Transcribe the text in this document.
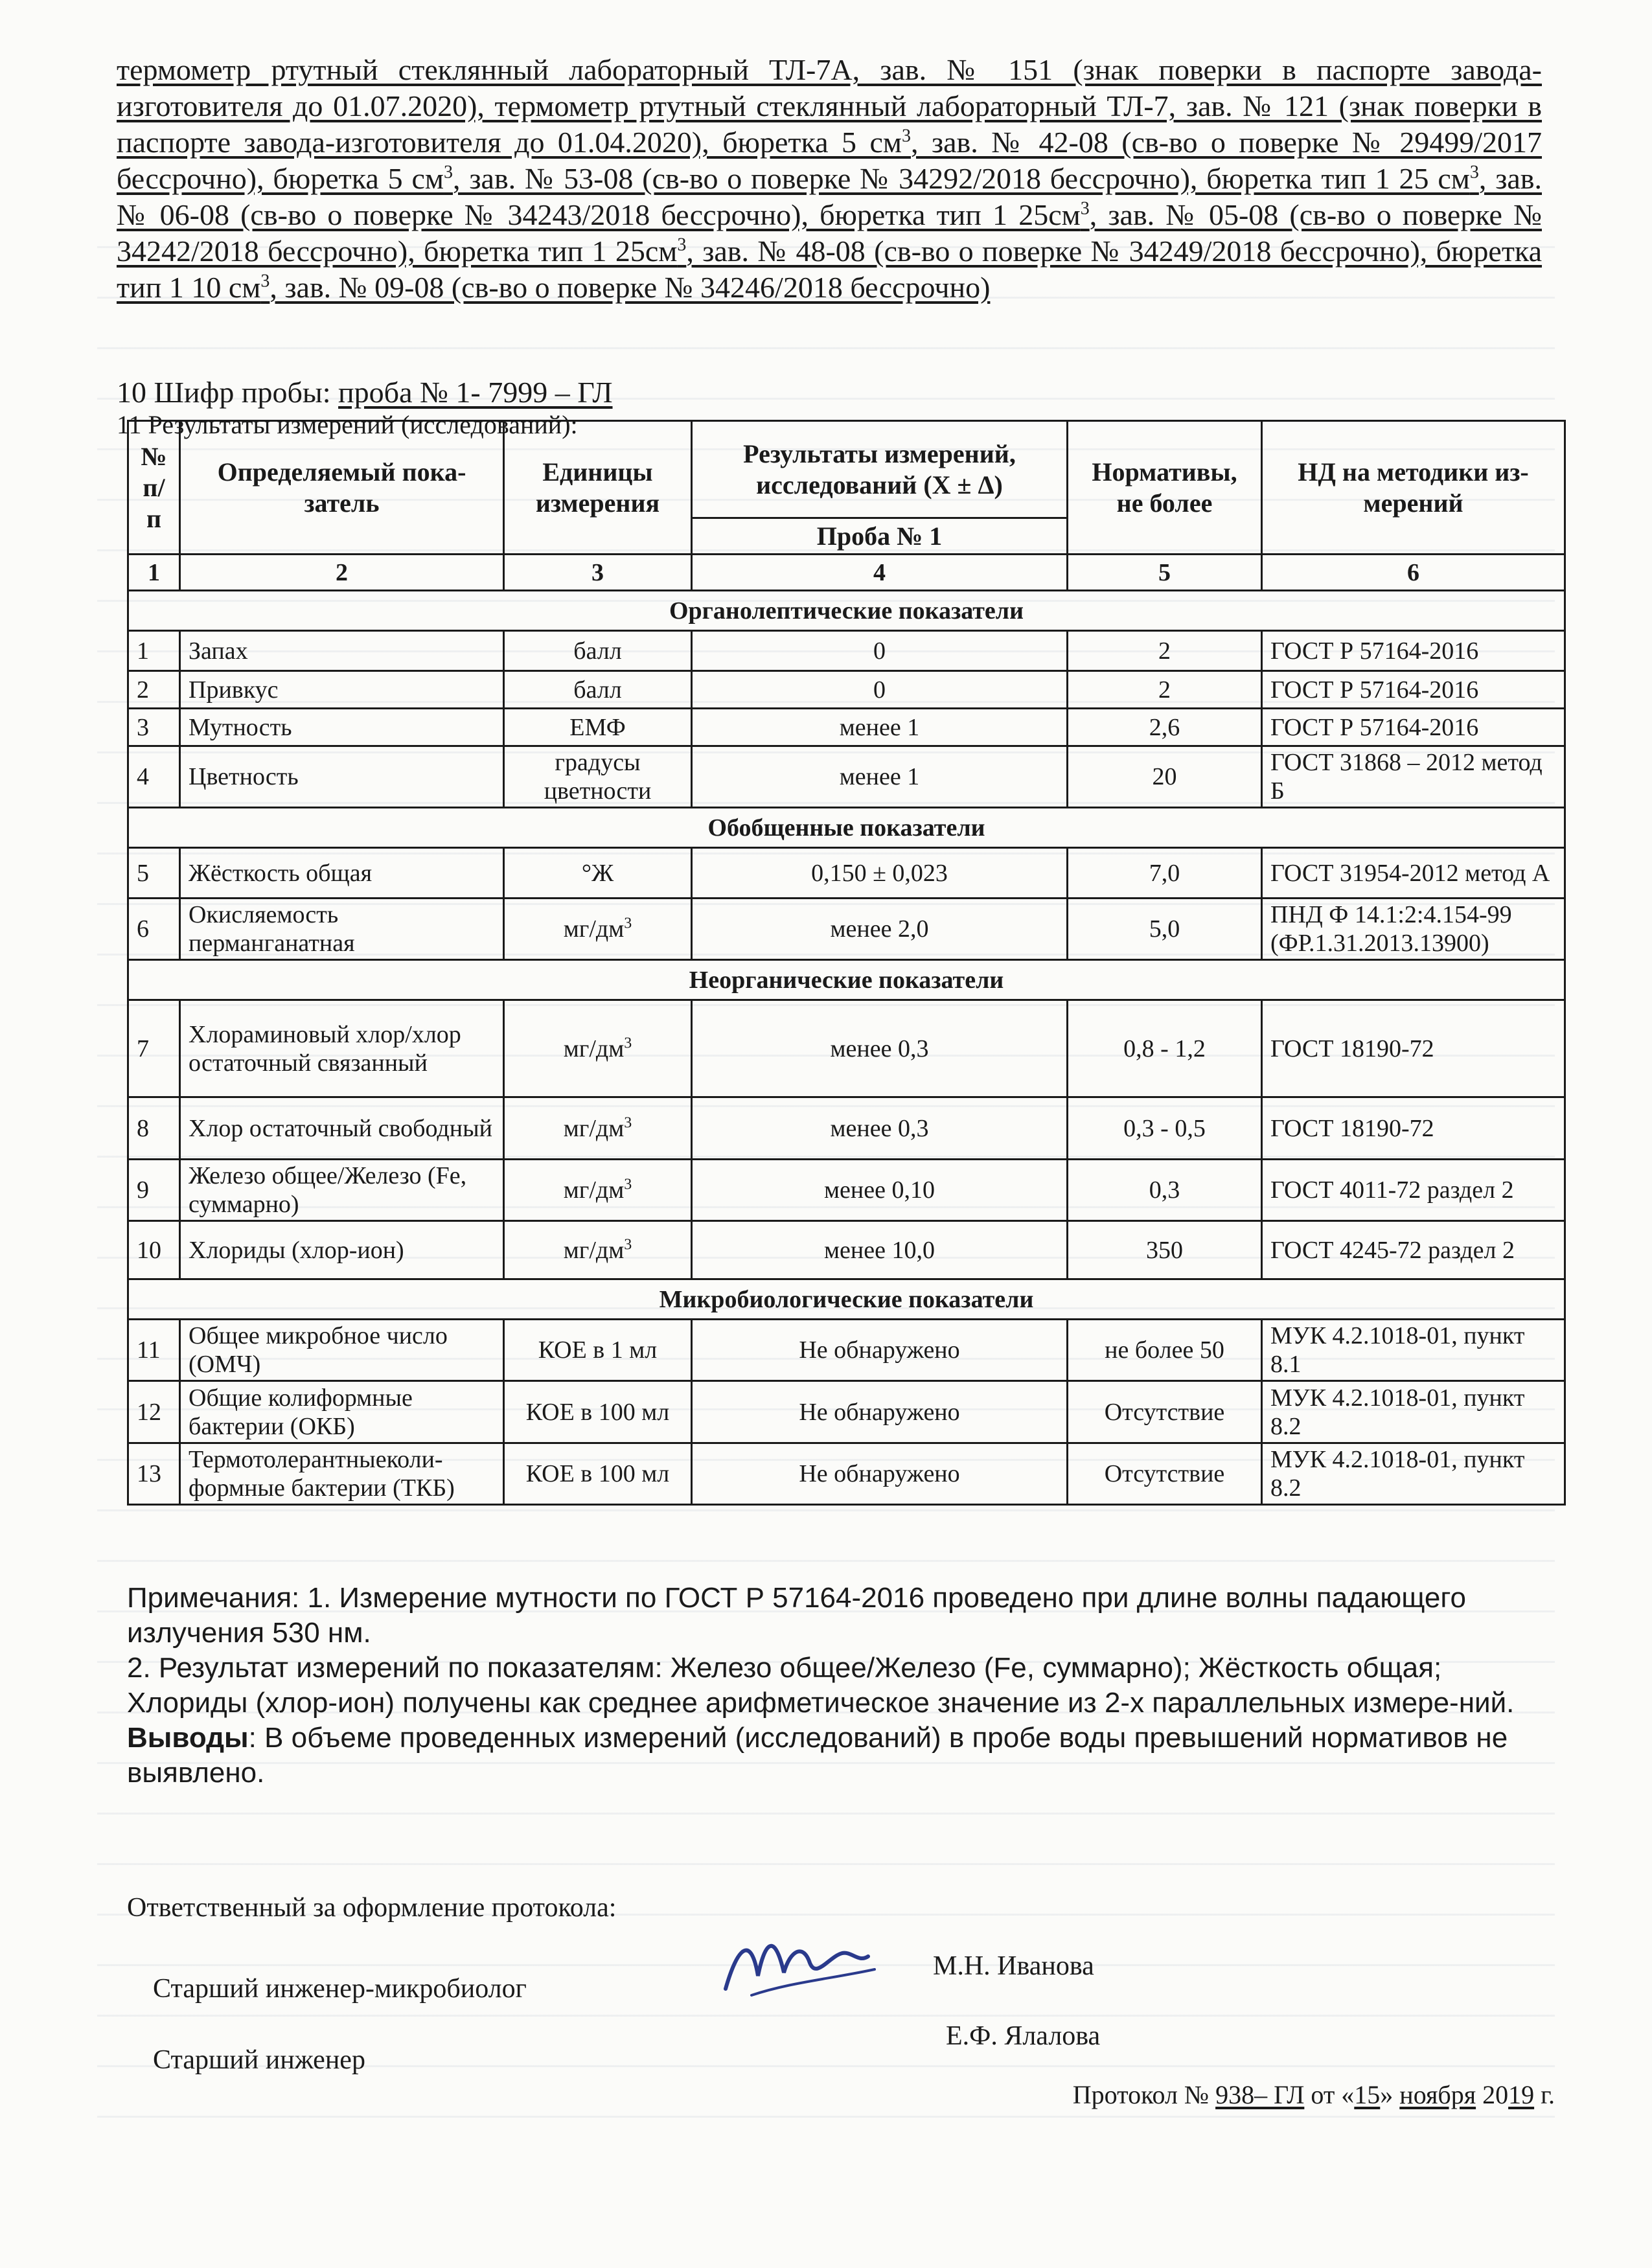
термометр ртутный стеклянный лабораторный ТЛ-7А, зав. № 151 (знак поверки в паспорте завода-изготовителя до 01.07.2020), термометр ртутный стеклянный лабораторный ТЛ-7, зав. № 121 (знак поверки в паспорте завода-изготовителя до 01.04.2020), бюретка 5 $см^3$, зав. № 42-08 (св-во о поверке № 29499/2017 бессрочно), бюретка 5 $см^3$, зав. № 53-08 (св-во о поверке № 34292/2018 бессрочно), бюретка тип 1 25 $см^3$, зав. № 06-08 (св-во о поверке № 34243/2018 бессрочно), бюретка тип 1 $25см^3$, зав. № 05-08 (св-во о поверке № 34242/2018 бессрочно), бюретка тип 1 $25см^3$, зав. № 48-08 (св-во о поверке № 34249/2018 бессрочно), бюретка тип 1 10 $см^3$, зав. № 09-08 (св-во о поверке № 34246/2018 бессрочно)
10 Шифр пробы: проба № 1- 7999 – ГЛ
11 Результаты измерений (исследований):
№ п/п	Определяемый пока-затель	Единицы измерения	Результаты измерений, исследований (X ± Δ)	Нормативы, не более	НД на методики из-мерений
			Проба № 1		
1	2	3	4	5	6
Органолептические показатели					
1	Запах	балл	0	2	ГОСТ Р 57164-2016
2	Привкус	балл	0	2	ГОСТ Р 57164-2016
3	Мутность	ЕМФ	менее 1	2,6	ГОСТ Р 57164-2016
4	Цветность	градусы цветности	менее 1	20	ГОСТ 31868 – 2012 метод Б
Обобщенные показатели					
5	Жёсткость общая	°Ж	0,150 ± 0,023	7,0	ГОСТ 31954-2012 метод А
6	Окисляемость перманганатная	$мг/дм^3$	менее 2,0	5,0	ПНД Ф 14.1:2:4.154-99 (ФР.1.31.2013.13900)
Неорганические показатели					
7	Хлораминовый хлор/хлор остаточный связанный	$мг/дм^3$	менее 0,3	0,8 - 1,2	ГОСТ 18190-72
8	Хлор остаточный свободный	$мг/дм^3$	менее 0,3	0,3 - 0,5	ГОСТ 18190-72
9	Железо общее/Железо (Fe, суммарно)	$мг/дм^3$	менее 0,10	0,3	ГОСТ 4011-72 раздел 2
10	Хлориды (хлор-ион)	$мг/дм^3$	менее 10,0	350	ГОСТ 4245-72 раздел 2
Микробиологические показатели					
11	Общее микробное число (ОМЧ)	КОЕ в 1 мл	Не обнаружено	не более 50	МУК 4.2.1018-01, пункт 8.1
12	Общие колиформные бактерии (ОКБ)	КОЕ в 100 мл	Не обнаружено	Отсутствие	МУК 4.2.1018-01, пункт 8.2
13	Термотолерантныеколи-формные бактерии (ТКБ)	КОЕ в 100 мл	Не обнаружено	Отсутствие	МУК 4.2.1018-01, пункт 8.2

Примечания: 1. Измерение мутности по ГОСТ Р 57164-2016 проведено при длине волны падающего излучения 530 нм.

2. Результат измерений по показателям: Железо общее/Железо (Fe, суммарно); Жёсткость общая; Хлориды (хлор-ион) получены как среднее арифметическое значение из 2-х параллельных измере-ний.

Выводы: В объеме проведенных измерений (исследований) в пробе воды превышений нормативов не выявлено.

Ответственный за оформление протокола:
Старший инженер-микробиолог
М.Н. Иванова
Старший инженер
Е.Ф. Ялалова
Протокол № 938– ГЛ от «15» ноября 2019 г.
